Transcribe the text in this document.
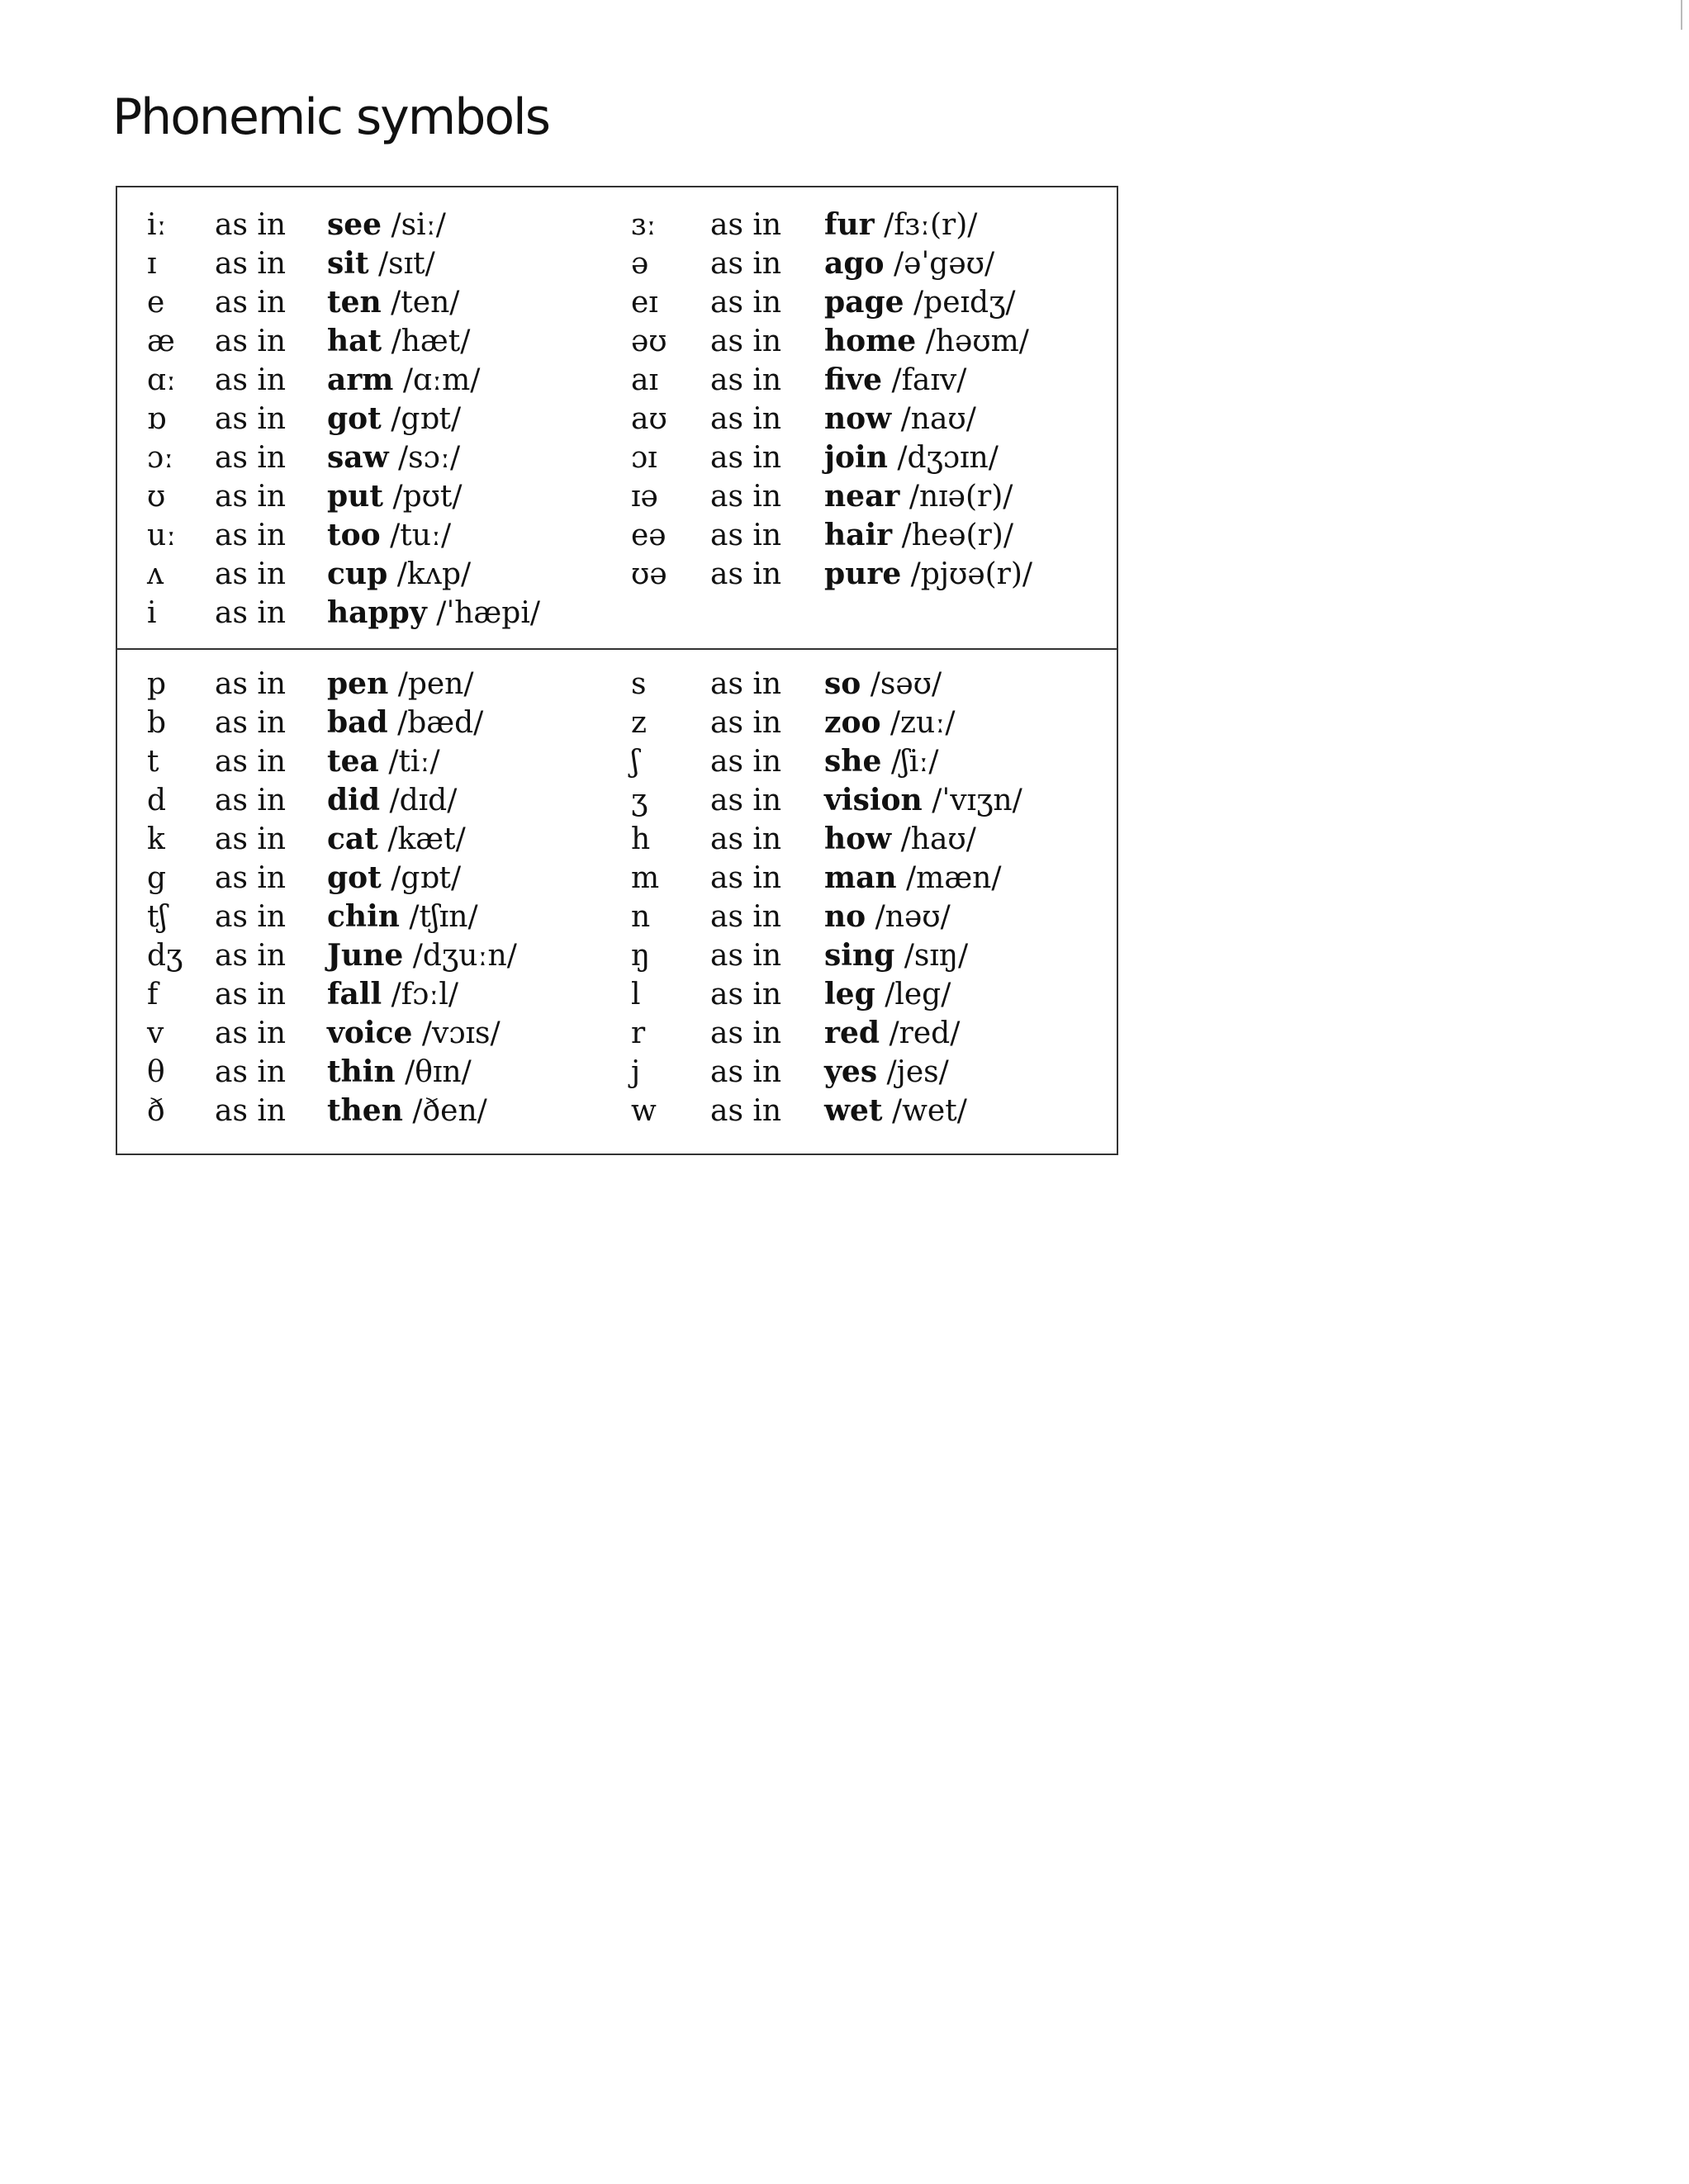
Phonemic symbols
iː as in see /siː/	ɜː as in fur /fɜː(r)/
ɪ as in sit /sɪt/	ə as in ago /əˈgəʊ/
e as in ten /ten/	eɪ as in page /peɪdʒ/
æ as in hat /hæt/	əʊ as in home /həʊm/
ɑː as in arm /ɑːm/	aɪ as in five /faɪv/
ɒ as in got /gɒt/	aʊ as in now /naʊ/
ɔː as in saw /sɔː/	ɔɪ as in join /dʒɔɪn/
ʊ as in put /pʊt/	ɪə as in near /nɪə(r)/
uː as in too /tuː/	eə as in hair /heə(r)/
ʌ as in cup /kʌp/	ʊə as in pure /pjʊə(r)/
i as in happy /ˈhæpi/
p as in pen /pen/	s as in so /səʊ/
b as in bad /bæd/	z as in zoo /zuː/
t as in tea /tiː/	ʃ as in she /ʃiː/
d as in did /dɪd/	ʒ as in vision /ˈvɪʒn/
k as in cat /kæt/	h as in how /haʊ/
g as in got /gɒt/	m as in man /mæn/
tʃ as in chin /tʃɪn/	n as in no /nəʊ/
dʒ as in June /dʒuːn/	ŋ as in sing /sɪŋ/
f as in fall /fɔːl/	l as in leg /leg/
v as in voice /vɔɪs/	r as in red /red/
θ as in thin /θɪn/	j as in yes /jes/
ð as in then /ðen/	w as in wet /wet/
